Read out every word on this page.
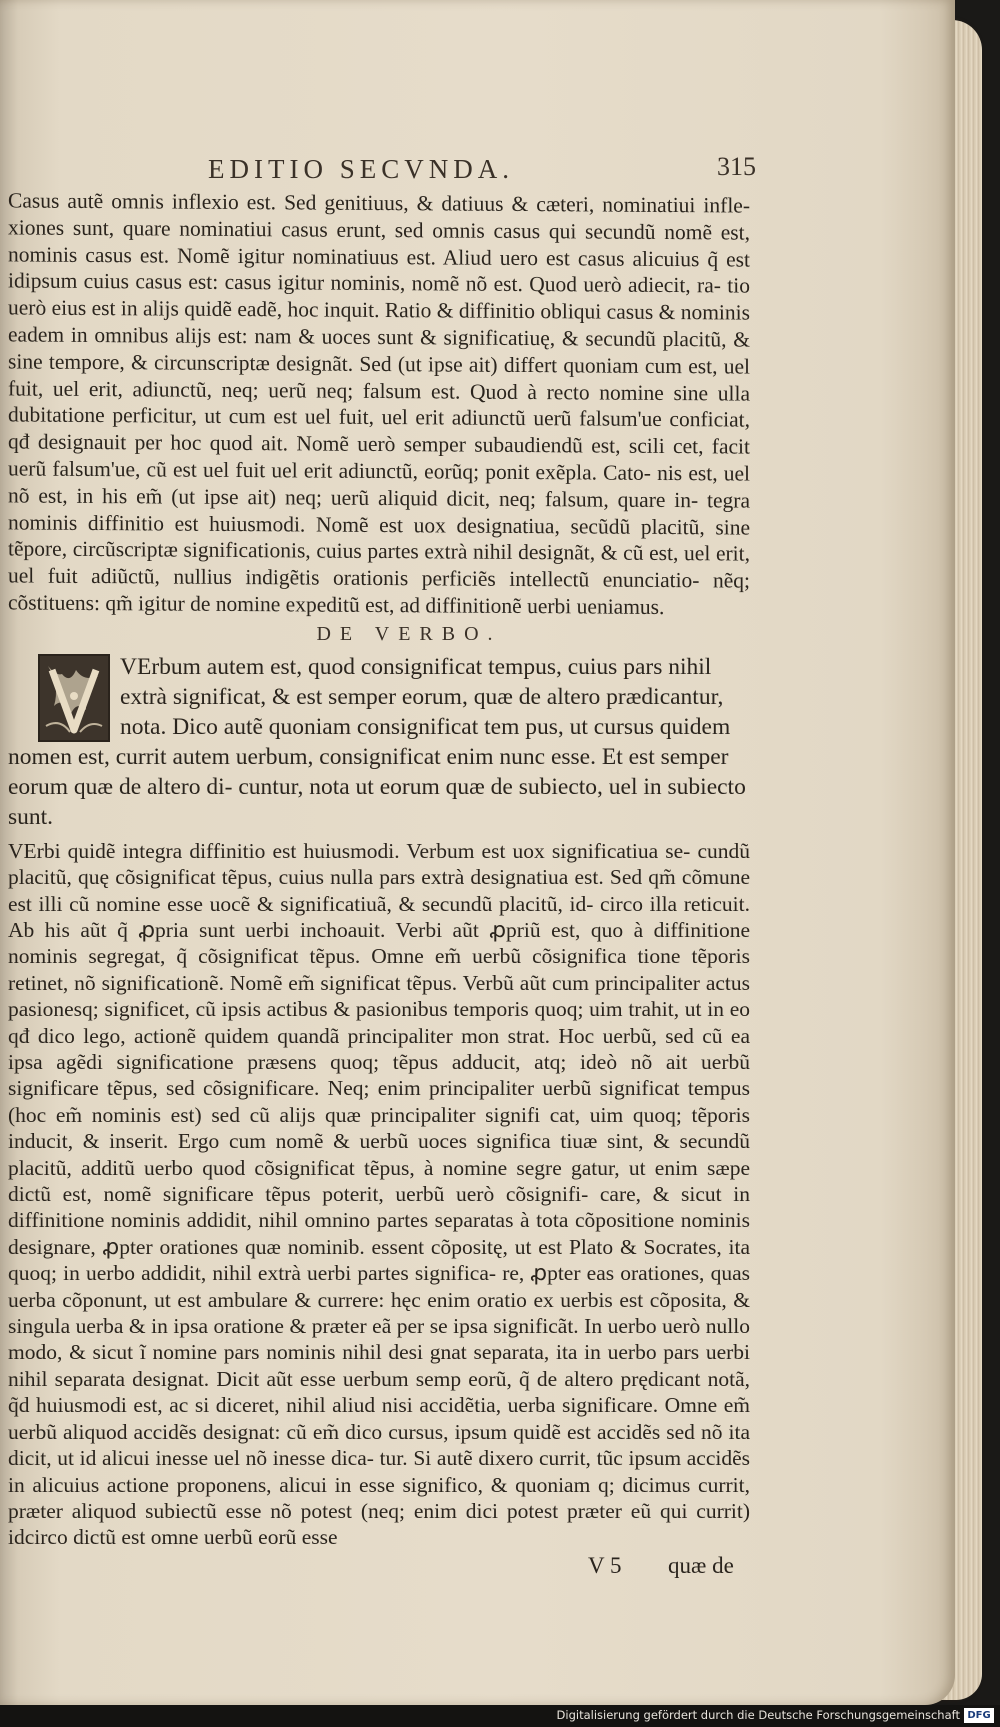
EDITIO SECVNDA.	315

Casus autẽ omnis inflexio est. Sed genitiuus, & datiuus & cæteri, nominatiui infle- xiones sunt, quare nominatiui casus erunt, sed omnis casus qui secundũ nomẽ est, nominis casus est. Nomẽ igitur nominatiuus est. Aliud uero est casus alicuius q̃ est idipsum cuius casus est: casus igitur nominis, nomẽ nõ est. Quod uerò adiecit, ra- tio uerò eius est in alijs quidẽ eadẽ, hoc inquit. Ratio & diffinitio obliqui casus & nominis eadem in omnibus alijs est: nam & uoces sunt & significatiuę, & secundũ placitũ, & sine tempore, & circunscriptæ designãt. Sed (ut ipse ait) differt quoniam cum est, uel fuit, uel erit, adiunctũ, neq; uerũ neq; falsum est. Quod à recto nomine sine ulla dubitatione perficitur, ut cum est uel fuit, uel erit adiunctũ uerũ falsum'ue conficiat, qđ designauit per hoc quod ait. Nomẽ uerò semper subaudiendũ est, scili cet, facit uerũ falsum'ue, cũ est uel fuit uel erit adiunctũ, eorũq; ponit exẽpla. Cato- nis est, uel nõ est, in his em̃ (ut ipse ait) neq; uerũ aliquid dicit, neq; falsum, quare in- tegra nominis diffinitio est huiusmodi. Nomẽ est uox designatiua, secũdũ placitũ, sine tẽpore, circũscriptæ significationis, cuius partes extrà nihil designãt, & cũ est, uel erit, uel fuit adiũctũ, nullius indigẽtis orationis perficiẽs intellectũ enunciatio- nẽq; cõstituens: qm̃ igitur de nomine expeditũ est, ad diffinitionẽ uerbi ueniamus.

DE VERBO.
VErbum autem est, quod consignificat tempus, cuius pars nihil extrà significat, & est semper eorum, quæ de altero prædicantur, nota. Dico autẽ quoniam consignificat tem pus, ut cursus quidem nomen est, currit autem uerbum, consignificat enim nunc esse. Et est semper eorum quæ de altero di- cuntur, nota ut eorum quæ de subiecto, uel in subiecto sunt.

VErbi quidẽ integra diffinitio est huiusmodi. Verbum est uox significatiua se- cundũ placitũ, quę cõsignificat tẽpus, cuius nulla pars extrà designatiua est. Sed qm̃ cõmune est illi cũ nomine esse uocẽ & significatiuã, & secundũ placitũ, id- circo illa reticuit. Ab his aũt q̃ ꝓpria sunt uerbi inchoauit. Verbi aũt ꝓpriũ est, quo à diffinitione nominis segregat, q̃ cõsignificat tẽpus. Omne em̃ uerbũ cõsignifica tione tẽporis retinet, nõ significationẽ. Nomẽ em̃ significat tẽpus. Verbũ aũt cum principaliter actus pasionesq; significet, cũ ipsis actibus & pasionibus temporis quoq; uim trahit, ut in eo qđ dico lego, actionẽ quidem quandã principaliter mon strat. Hoc uerbũ, sed cũ ea ipsa agẽdi significatione præsens quoq; tẽpus adducit, atq; ideò nõ ait uerbũ significare tẽpus, sed cõsignificare. Neq; enim principaliter uerbũ significat tempus (hoc em̃ nominis est) sed cũ alijs quæ principaliter signifi cat, uim quoq; tẽporis inducit, & inserit. Ergo cum nomẽ & uerbũ uoces significa tiuæ sint, & secundũ placitũ, additũ uerbo quod cõsignificat tẽpus, à nomine segre gatur, ut enim sæpe dictũ est, nomẽ significare tẽpus poterit, uerbũ uerò cõsignifi- care, & sicut in diffinitione nominis addidit, nihil omnino partes separatas à tota cõpositione nominis designare, ꝓpter orationes quæ nominib. essent cõpositę, ut est Plato & Socrates, ita quoq; in uerbo addidit, nihil extrà uerbi partes significa- re, ꝓpter eas orationes, quas uerba cõponunt, ut est ambulare & currere: hęc enim oratio ex uerbis est cõposita, & singula uerba & in ipsa oratione & præter eã per se ipsa significãt. In uerbo uerò nullo modo, & sicut ĩ nomine pars nominis nihil desi gnat separata, ita in uerbo pars uerbi nihil separata designat. Dicit aũt esse uerbum semp eorũ, q̃ de altero prędicant notã, q̃d huiusmodi est, ac si diceret, nihil aliud nisi accidẽtia, uerba significare. Omne em̃ uerbũ aliquod accidẽs designat: cũ em̃ dico cursus, ipsum quidẽ est accidẽs sed nõ ita dicit, ut id alicui inesse uel nõ inesse dica- tur. Si autẽ dixero currit, tũc ipsum accidẽs in alicuius actione proponens, alicui in esse significo, & quoniam q; dicimus currit, præter aliquod subiectũ esse nõ potest (neq; enim dici potest præter eũ qui currit) idcirco dictũ est omne uerbũ eorũ esse

V 5 quæ de
Digitalisierung gefördert durch die Deutsche Forschungsgemeinschaft DFG
